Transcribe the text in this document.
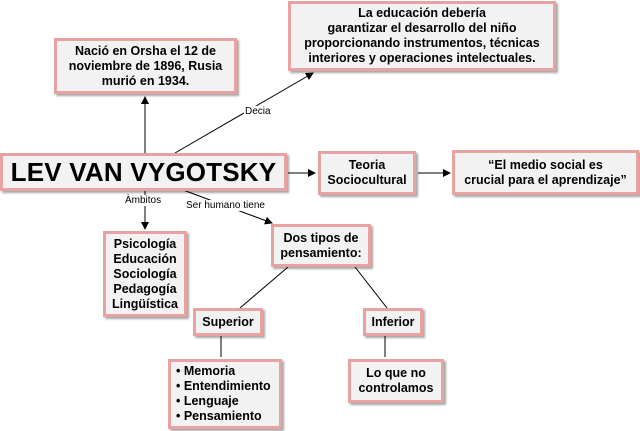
Decia
Àmbitos Ser humano tiene
Nació en Orsha el 12 de
noviembre de 1896, Rusia
murió en 1934.
La educación debería
garantizar el desarrollo del niño
proporcionando instrumentos, técnicas
interiores y operaciones intelectuales.
LEV VAN VYGOTSKY	Teoria
Sociocultural
“El medio social es
crucial para el aprendizaje”
Psicología
Educación
Sociología
Pedagogía
Lingüística
Dos tipos de
pensamiento:
Superior	Inferior
• Memoria
• Entendimiento
• Lenguaje
• Pensamiento
Lo que no
controlamos
